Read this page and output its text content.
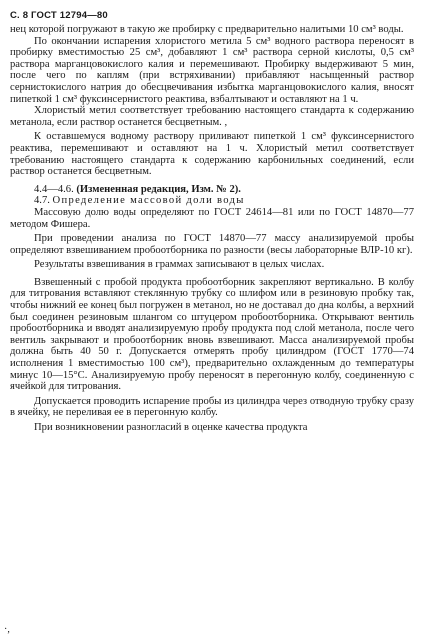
С. 8 ГОСТ 12794—80

нец которой погружают в такую же пробирку с предварительно налитыми 10 см³ воды.

По окончании испарения хлористого метила 5 см³ водного раствора переносят в пробирку вместимостью 25 см³, добавляют 1 см³ раствора серной кислоты, 0,5 см³ раствора марганцовокислого калия и перемешивают. Пробирку выдерживают 5 мин, после чего по каплям (при встряхивании) прибавляют насыщенный раствор сернистокислого натрия до обесцвечивания избытка марганцовокислого калия, вносят пипеткой 1 см³ фуксинсернистого реактива, взбалтывают и оставляют на 1 ч.

Хлористый метил соответствует требованию настоящего стандарта к содержанию метанола, если раствор останется бесцветным. ,

К оставшемуся водному раствору приливают пипеткой 1 см³ фуксинсернистого реактива, перемешивают и оставляют на 1 ч. Хлористый метил соответствует требованию настоящего стандарта к содержанию карбонильных соединений, если раствор останется бесцветным.

4.4—4.6. (Измененная редакция, Изм. № 2).

4.7. Определение массовой доли воды

Массовую долю воды определяют по ГОСТ 24614—81 или по ГОСТ 14870—77 методом Фишера.

При проведении анализа по ГОСТ 14870—77 массу анализируемой пробы определяют взвешиванием пробоотборника по разности (весы лабораторные ВЛР-10 кг).

Результаты взвешивания в граммах записывают в целых числах.

Взвешенный с пробой продукта пробоотборник закрепляют вертикально. В колбу для титрования вставляют стеклянную трубку со шлифом или в резиновую пробку так, чтобы нижний ее конец был погружен в метанол, но не доставал до дна колбы, а верхний был соединен резиновым шлангом со штуцером пробоотборника. Открывают вентиль пробоотборника и вводят анализируемую пробу продукта под слой метанола, после чего вентиль закрывают и пробоотборник вновь взвешивают. Масса анализируемой пробы должна быть 40 50 г. Допускается отмерять пробу цилиндром (ГОСТ 1770—74 исполнения 1 вместимостью 100 см³), предварительно охлажденным до температуры минус 10—15°С. Анализируемую пробу переносят в перегонную колбу, соединенную с ячейкой для титрования.

Допускается проводить испарение пробы из цилиндра через отводную трубку сразу в ячейку, не переливая ее в перегонную колбу.

При возникновении разногласий в оценке качества продукта

·,
